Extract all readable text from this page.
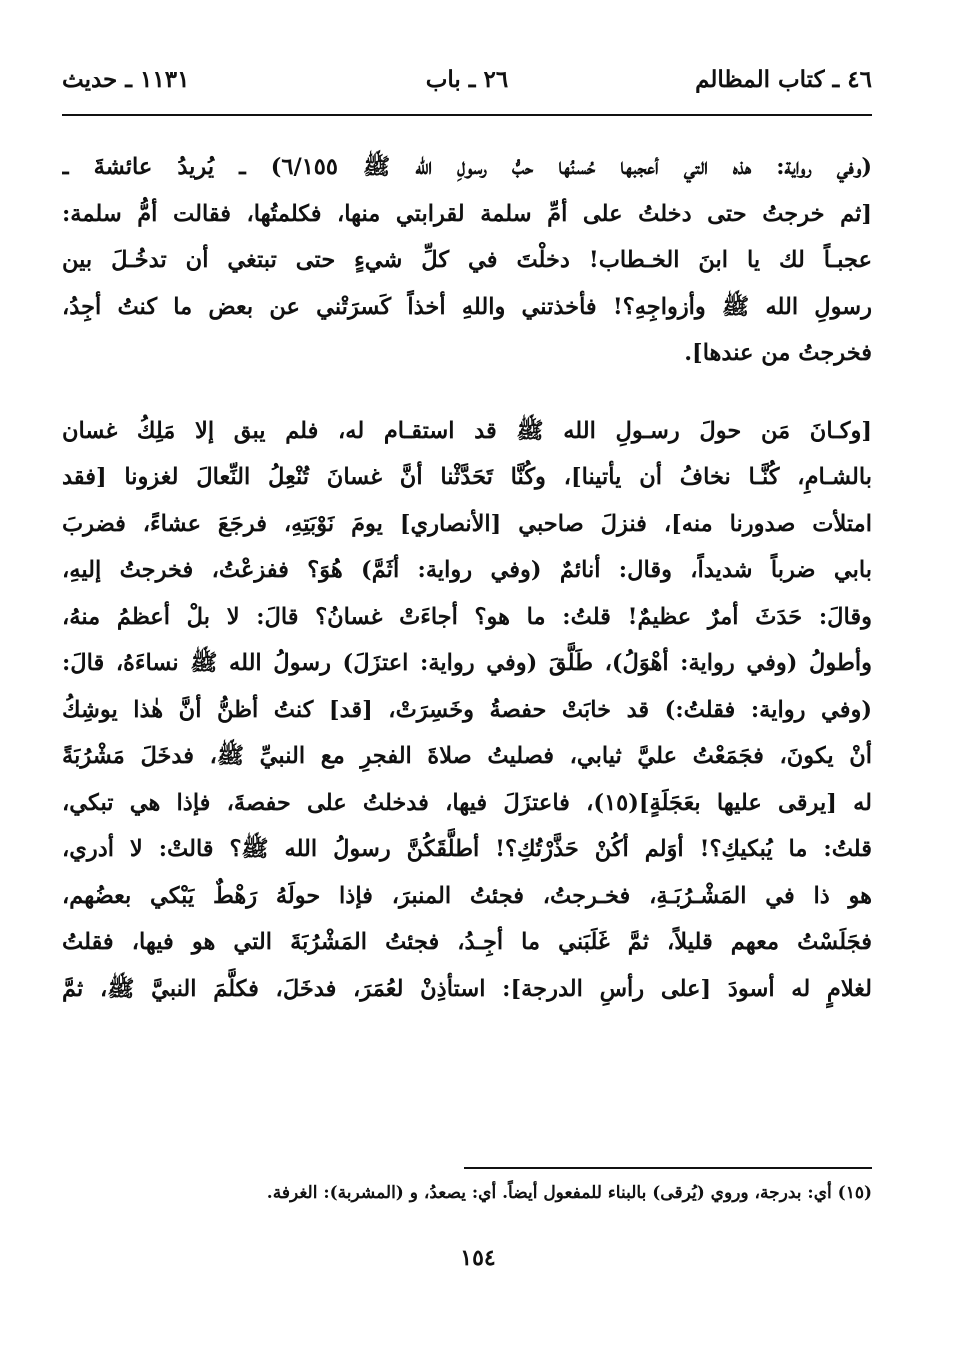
٤٦ ـ كتاب المظالم
٢٦ ـ باب
١١٣١ ـ حديث
(وفي رواية: هذه التي أعجبها حُسنُها حبُّ رسولِ الله ﷺ ٦/١٥٥) ـ يُريدُ عائشةَ ـ
[ثم خرجتُ حتى دخلتُ على أمِّ سلمة لقرابتي منها، فكلمتُها، فقالت أمُّ سلمة:
عجبـاً لك يا ابنَ الخـطاب! دخلْتَ في كلِّ شيءٍ حتى تبتغي أن تدخُـلَ بين
رسولِ الله ﷺ وأزواجِهِ؟! فأخذتني واللهِ أخذاً كَسرَتْني عن بعض ما كنتُ أجِدُ،
فخرجتُ من عندها].
[وكـانَ مَن حولَ رسـولِ الله ﷺ قد استقـام له، فلم يبق إلا مَلِكُ غسان
بالشـامِ، كُنَّـا نخافُ أن يأتينا]، وكُنَّا تَحَدَّثْنا أنَّ غسانَ تُنْعِلُ النِّعالَ لغزونا [فقد
امتلأت صدورنا منه]، فنزلَ صاحبي [الأنصاري] يومَ نَوْبَتِهِ، فرجَعَ عشاءً، فضربَ
بابي ضرباً شديداً، وقال: أنائمٌ (وفي رواية: أثَمَّ) هُوَ؟ ففزعْتُ، فخرجتُ إليهِ،
وقالَ: حَدَثَ أمرٌ عظيمٌ! قلتُ: ما هو؟ أجاءَتْ غسانُ؟ قالَ: لا بلْ أعظمُ منهُ،
وأطولُ (وفي رواية: أهْوَلُ)، طَلَّقَ (وفي رواية: اعتزَلَ) رسولُ الله ﷺ نساءَهُ، قالَ:
(وفي رواية: فقلتُ:) قد خابَتْ حفصةُ وخَسِرَتْ، [قد] كنتُ أظنُّ أنَّ هٰذا يوشِكُ
أنْ يكونَ، فجَمَعْتُ عليَّ ثيابي، فصليتُ صلاةَ الفجرِ مع النبيِّ ﷺ، فدخَلَ مَشْرُبَةً
له [يرقى عليها بعَجَلَةٍ](١٥)، فاعتزَلَ فيها، فدخلتُ على حفصةَ، فإذا هي تبكي،
قلتُ: ما يُبكيكِ؟! أوَلم أكُنْ حَذَّرْتُكِ؟! أطلَّقَكُنَّ رسولُ الله ﷺ؟ قالتْ: لا أدري،
هو ذا في المَشْـرُبَـةِ، فخـرجتُ، فجئتُ المنبرَ، فإذا حولَهُ رَهْطٌ يَبْكي بعضُهم،
فجَلَسْتُ معهم قليلاً، ثمَّ غَلَبَني ما أجِـدُ، فجئتُ المَشْرُبَةَ التي هو فيها، فقلتُ
لغلامٍ له أسودَ [على رأسِ الدرجة]: استأذِنْ لعُمَرَ، فدخَلَ، فكلَّمَ النبيَّ ﷺ، ثمَّ
(١٥) أي: بدرجة، وروي (يُرقى) بالبناء للمفعول أيضاً. أي: يصعدُ، و (المشربة): الغرفة.
١٥٤
